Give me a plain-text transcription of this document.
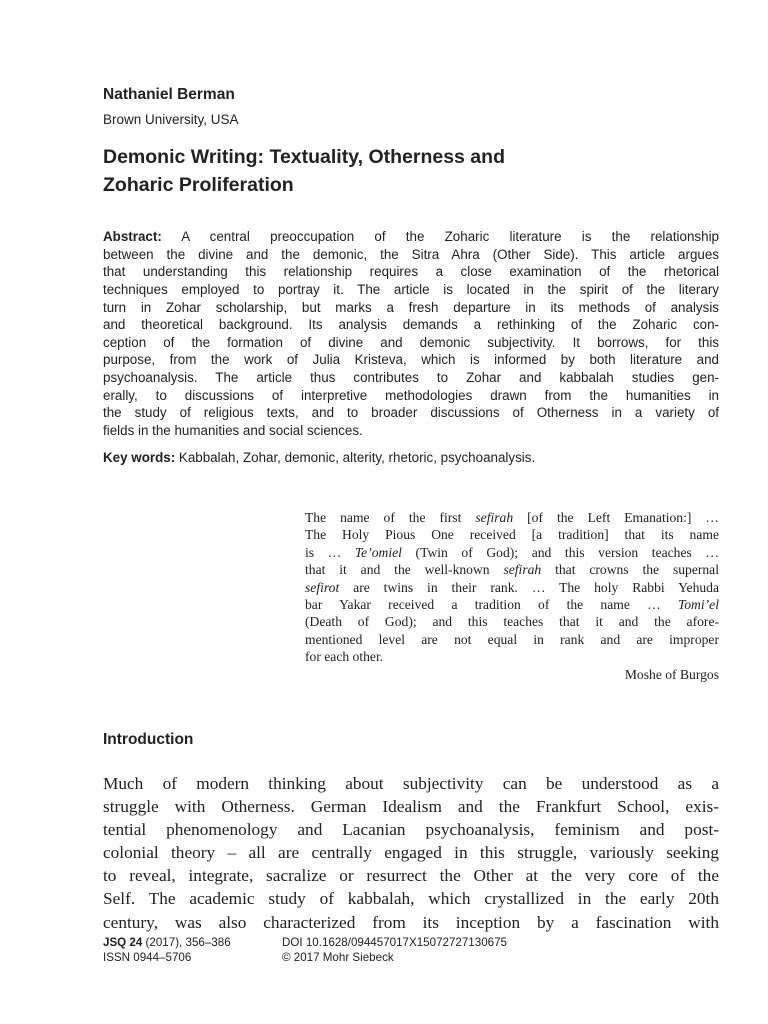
Nathaniel Berman

Brown University, USA

Demonic Writing: Textuality, Otherness and
Zoharic Proliferation
Abstract: A central preoccupation of the Zoharic literature is the relationship
between the divine and the demonic, the Sitra Ahra (Other Side). This article argues
that understanding this relationship requires a close examination of the rhetorical
techniques employed to portray it. The article is located in the spirit of the literary
turn in Zohar scholarship, but marks a fresh departure in its methods of analysis
and theoretical background. Its analysis demands a rethinking of the Zoharic con-
ception of the formation of divine and demonic subjectivity. It borrows, for this
purpose, from the work of Julia Kristeva, which is informed by both literature and
psychoanalysis. The article thus contributes to Zohar and kabbalah studies gen-
erally, to discussions of interpretive methodologies drawn from the humanities in
the study of religious texts, and to broader discussions of Otherness in a variety of
fields in the humanities and social sciences.

Key words: Kabbalah, Zohar, demonic, alterity, rhetoric, psychoanalysis.

The name of the first sefirah [of the Left Emanation:] …
The Holy Pious One received [a tradition] that its name
is … Te’omiel (Twin of God); and this version teaches …
that it and the well-known sefirah that crowns the supernal
sefirot are twins in their rank. … The holy Rabbi Yehuda
bar Yakar received a tradition of the name … Tomi’el
(Death of God); and this teaches that it and the afore-
mentioned level are not equal in rank and are improper
for each other.
Moshe of Burgos
Introduction
Much of modern thinking about subjectivity can be understood as a
struggle with Otherness. German Idealism and the Frankfurt School, exis-
tential phenomenology and Lacanian psychoanalysis, feminism and post-
colonial theory – all are centrally engaged in this struggle, variously seeking
to reveal, integrate, sacralize or resurrect the Other at the very core of the
Self. The academic study of kabbalah, which crystallized in the early 20th
century, was also characterized from its inception by a fascination with
JSQ 24 (2017), 356–386
ISSN 0944–5706
DOI 10.1628/094457017X15072727130675
© 2017 Mohr Siebeck
